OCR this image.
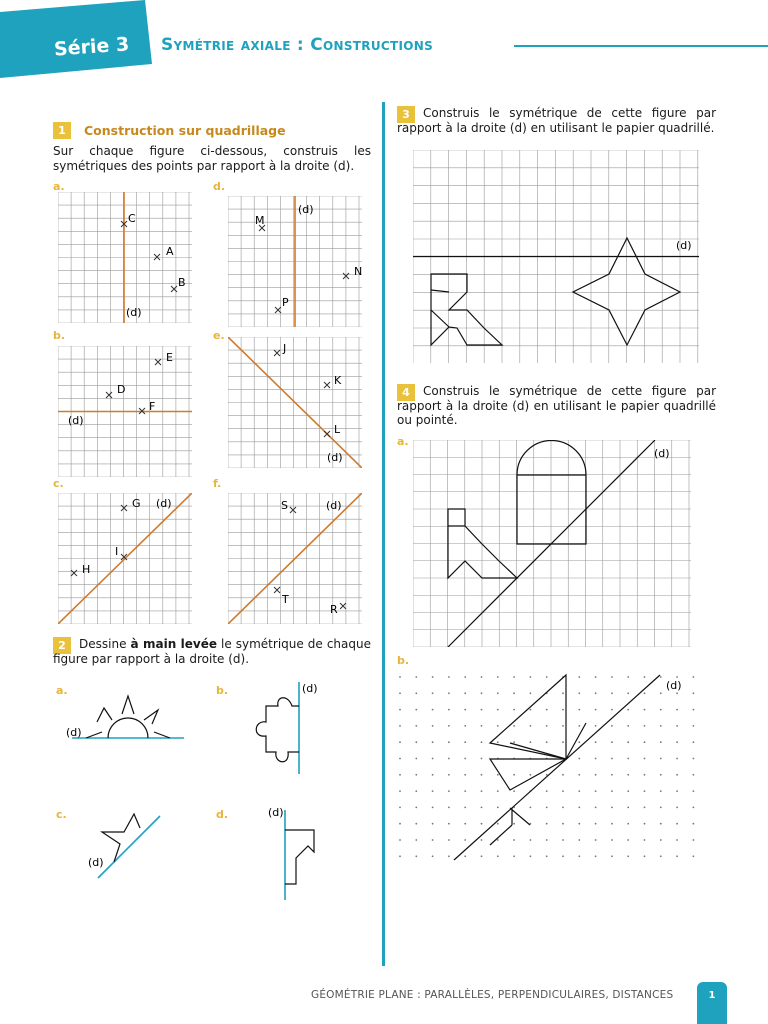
Série 3 Symétrie axiale : Constructions
1	Construction sur quadrillage
Sur chaque figure ci-dessous, construis les symétriques des points par rapport à la droite (d).
a.	d.
b.	e.
c.	f.
C
A
B
(d)
M
N
P
(d)
E
D
F
(d)
J
K
L
(d)
G
I
H
(d)	S
T
R
(d)
2	Dessine à main levée le symétrique de chaque figure par rapport à la droite (d).
a.	b.
c.	d.
(d)
(d)
(d)
(d)
3	Construis le symétrique de cette figure par rapport à la droite (d) en utilisant le papier quadrillé.
(d)
4	Construis le symétrique de cette figure par rapport à la droite (d) en utilisant le papier quadrillé ou pointé.
a.
(d)
b.
(d)
GÉOMÉTRIE PLANE : PARALLÈLES, PERPENDICULAIRES, DISTANCES	1
